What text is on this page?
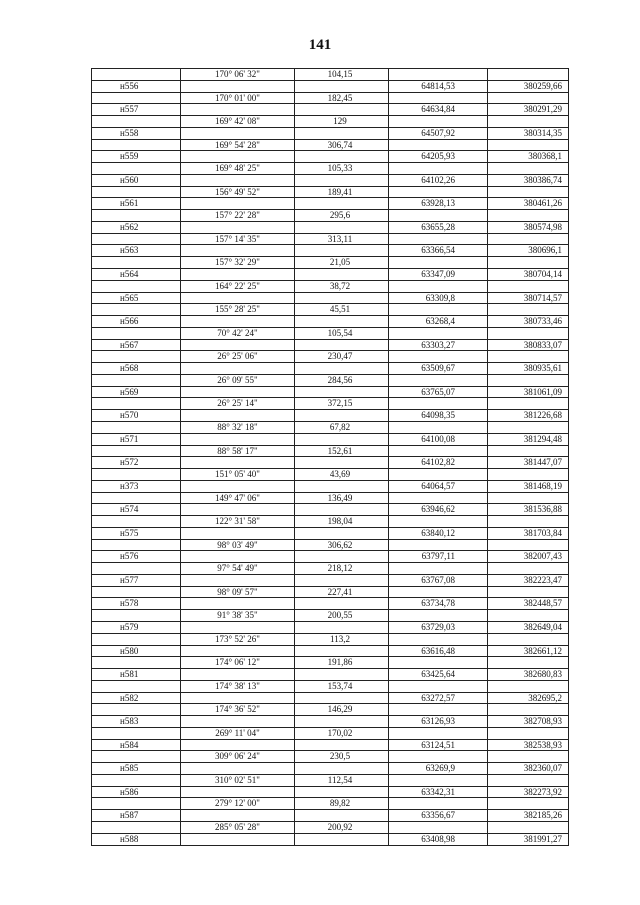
141
170° 06' 32"	104,15
н556	64814,53	380259,66
170° 01' 00"	182,45
н557	64634,84	380291,29
169° 42' 08"	129
н558	64507,92	380314,35
169° 54' 28"	306,74
н559	64205,93	380368,1
169° 48' 25"	105,33
н560	64102,26	380386,74
156° 49' 52"	189,41
н561	63928,13	380461,26
157° 22' 28"	295,6
н562	63655,28	380574,98
157° 14' 35"	313,11
н563	63366,54	380696,1
157° 32' 29"	21,05
н564	63347,09	380704,14
164° 22' 25"	38,72
н565	63309,8	380714,57
155° 28' 25"	45,51
н566	63268,4	380733,46
70° 42' 24"	105,54
н567	63303,27	380833,07
26° 25' 06"	230,47
н568	63509,67	380935,61
26° 09' 55"	284,56
н569	63765,07	381061,09
26° 25' 14"	372,15
н570	64098,35	381226,68
88° 32' 18"	67,82
н571	64100,08	381294,48
88° 58' 17"	152,61
н572	64102,82	381447,07
151° 05' 40"	43,69
н373	64064,57	381468,19
149° 47' 06"	136,49
н574	63946,62	381536,88
122° 31' 58"	198,04
н575	63840,12	381703,84
98° 03' 49"	306,62
н576	63797,11	382007,43
97° 54' 49"	218,12
н577	63767,08	382223,47
98° 09' 57"	227,41
н578	63734,78	382448,57
91° 38' 35"	200,55
н579	63729,03	382649,04
173° 52' 26"	113,2
н580	63616,48	382661,12
174° 06' 12"	191,86
н581	63425,64	382680,83
174° 38' 13"	153,74
н582	63272,57	382695,2
174° 36' 52"	146,29
н583	63126,93	382708,93
269° 11' 04"	170,02
н584	63124,51	382538,93
309° 06' 24"	230,5
н585	63269,9	382360,07
310° 02' 51"	112,54
н586	63342,31	382273,92
279° 12' 00"	89,82
н587	63356,67	382185,26
285° 05' 28"	200,92
н588	63408,98	381991,27
